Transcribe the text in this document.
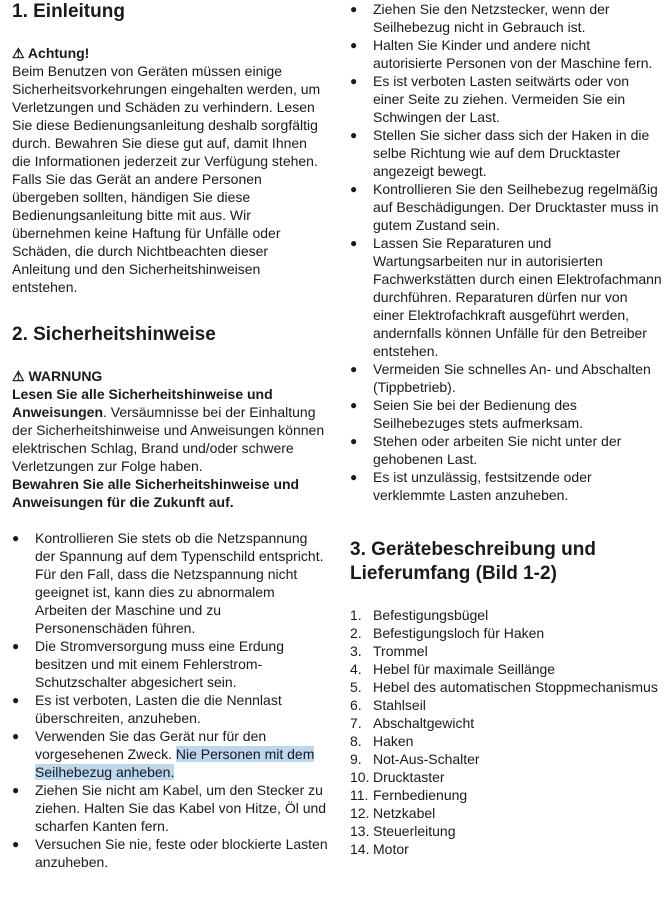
1. Einleitung

⚠ Achtung!

Beim Benutzen von Geräten müssen einige Sicherheitsvorkehrungen eingehalten werden, um Verletzungen und Schäden zu verhindern. Lesen Sie diese Bedienungsanleitung deshalb sorgfältig durch. Bewahren Sie diese gut auf, damit Ihnen die Informationen jederzeit zur Verfügung stehen. Falls Sie das Gerät an andere Personen übergeben sollten, händigen Sie diese Bedienungsanleitung bitte mit aus. Wir übernehmen keine Haftung für Unfälle oder Schäden, die durch Nichtbeachten dieser Anleitung und den Sicherheitshinweisen entstehen.

2. Sicherheitshinweise

⚠ WARNUNG

Lesen Sie alle Sicherheitshinweise und Anweisungen. Versäumnisse bei der Einhaltung der Sicherheitshinweise und Anweisungen können elektrischen Schlag, Brand und/oder schwere Verletzungen zur Folge haben.

Bewahren Sie alle Sicherheitshinweise und Anweisungen für die Zukunft auf.

● Kontrollieren Sie stets ob die Netzspannung der Spannung auf dem Typenschild entspricht. Für den Fall, dass die Netzspannung nicht geeignet ist, kann dies zu abnormalem Arbeiten der Maschine und zu Personenschäden führen.
● Die Stromversorgung muss eine Erdung besitzen und mit einem Fehlerstrom-Schutzschalter abgesichert sein.
● Es ist verboten, Lasten die die Nennlast überschreiten, anzuheben.
● Verwenden Sie das Gerät nur für den vorgesehenen Zweck. Nie Personen mit dem Seilhebezug anheben.
● Ziehen Sie nicht am Kabel, um den Stecker zu ziehen. Halten Sie das Kabel von Hitze, Öl und scharfen Kanten fern.
● Versuchen Sie nie, feste oder blockierte Lasten anzuheben.
● Ziehen Sie den Netzstecker, wenn der Seilhebezug nicht in Gebrauch ist.
● Halten Sie Kinder und andere nicht autorisierte Personen von der Maschine fern.
● Es ist verboten Lasten seitwärts oder von einer Seite zu ziehen. Vermeiden Sie ein Schwingen der Last.
● Stellen Sie sicher dass sich der Haken in die selbe Richtung wie auf dem Drucktaster angezeigt bewegt.
● Kontrollieren Sie den Seilhebezug regelmäßig auf Beschädigungen. Der Drucktaster muss in gutem Zustand sein.
● Lassen Sie Reparaturen und Wartungsarbeiten nur in autorisierten Fachwerkstätten durch einen Elektrofachmann durchführen. Reparaturen dürfen nur von einer Elektrofachkraft ausgeführt werden, andernfalls können Unfälle für den Betreiber entstehen.
● Vermeiden Sie schnelles An- und Abschalten (Tippbetrieb).
● Seien Sie bei der Bedienung des Seilhebezuges stets aufmerksam.
● Stehen oder arbeiten Sie nicht unter der gehobenen Last.
● Es ist unzulässig, festsitzende oder verklemmte Lasten anzuheben.
3. Gerätebeschreibung und Lieferumfang (Bild 1-2)
1. Befestigungsbügel
2. Befestigungsloch für Haken
3. Trommel
4. Hebel für maximale Seillänge
5. Hebel des automatischen Stoppmechanismus
6. Stahlseil
7. Abschaltgewicht
8. Haken
9. Not-Aus-Schalter
10. Drucktaster
11. Fernbedienung
12. Netzkabel
13. Steuerleitung
14. Motor
